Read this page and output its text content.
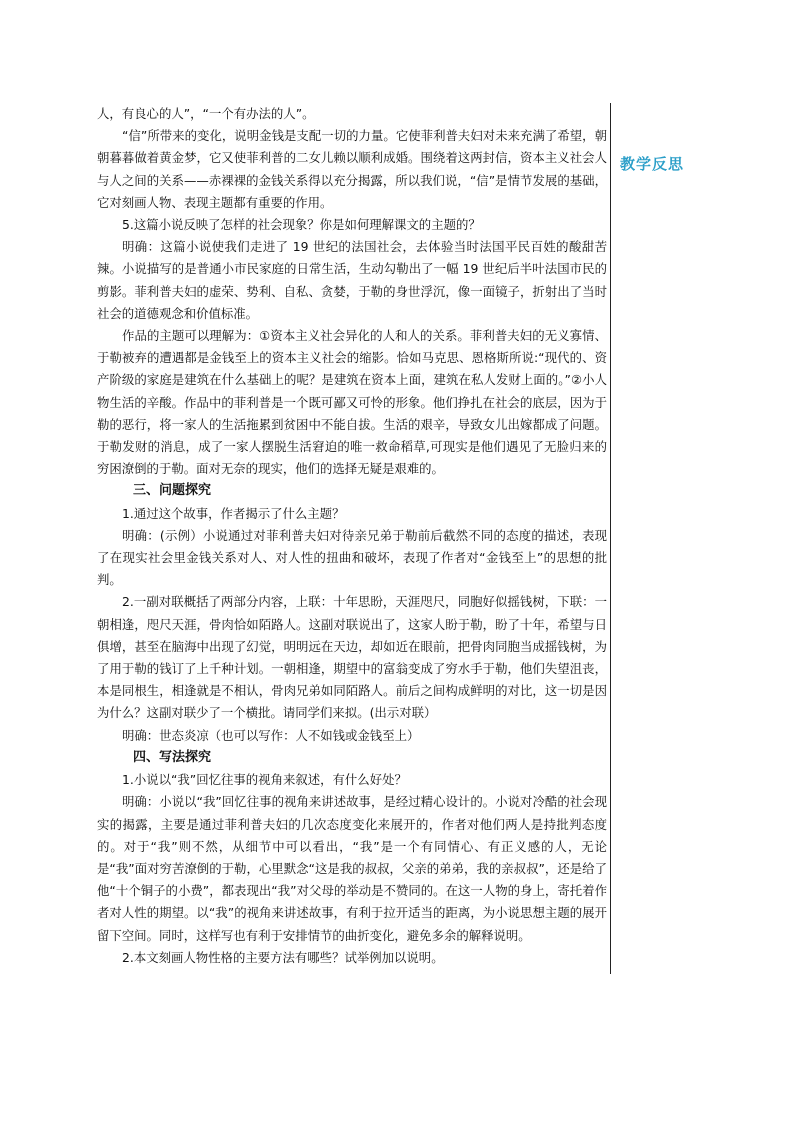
人，有良心的人”，“一个有办法的人”。

“信”所带来的变化，说明金钱是支配一切的力量。它使菲利普夫妇对未来充满了希望，朝朝暮暮做着黄金梦，它又使菲利普的二女儿赖以顺利成婚。围绕着这两封信，资本主义社会人与人之间的关系——赤裸裸的金钱关系得以充分揭露，所以我们说，“信”是情节发展的基础，它对刻画人物、表现主题都有重要的作用。

5.这篇小说反映了怎样的社会现象？你是如何理解课文的主题的？

明确：这篇小说使我们走进了 19 世纪的法国社会，去体验当时法国平民百姓的酸甜苦辣。小说描写的是普通小市民家庭的日常生活，生动勾勒出了一幅 19 世纪后半叶法国市民的剪影。菲利普夫妇的虚荣、势利、自私、贪婪，于勒的身世浮沉，像一面镜子，折射出了当时社会的道德观念和价值标准。

作品的主题可以理解为：①资本主义社会异化的人和人的关系。菲利普夫妇的无义寡情、于勒被弃的遭遇都是金钱至上的资本主义社会的缩影。恰如马克思、恩格斯所说:“现代的、资产阶级的家庭是建筑在什么基础上的呢？是建筑在资本上面，建筑在私人发财上面的。”②小人物生活的辛酸。作品中的菲利普是一个既可鄙又可怜的形象。他们挣扎在社会的底层，因为于勒的恶行，将一家人的生活拖累到贫困中不能自拔。生活的艰辛，导致女儿出嫁都成了问题。于勒发财的消息，成了一家人摆脱生活窘迫的唯一救命稻草,可现实是他们遇见了无脸归来的穷困潦倒的于勒。面对无奈的现实，他们的选择无疑是艰难的。

三、问题探究

1.通过这个故事，作者揭示了什么主题？

明确：(示例）小说通过对菲利普夫妇对待亲兄弟于勒前后截然不同的态度的描述，表现了在现实社会里金钱关系对人、对人性的扭曲和破坏，表现了作者对“金钱至上”的思想的批判。

2.一副对联概括了两部分内容，上联：十年思盼，天涯咫尺，同胞好似摇钱树，下联：一朝相逢，咫尺天涯，骨肉恰如陌路人。这副对联说出了，这家人盼于勒，盼了十年，希望与日俱增，甚至在脑海中出现了幻觉，明明远在天边，却如近在眼前，把骨肉同胞当成摇钱树，为了用于勒的钱订了上千种计划。一朝相逢，期望中的富翁变成了穷水手于勒，他们失望沮丧，本是同根生，相逢就是不相认，骨肉兄弟如同陌路人。前后之间构成鲜明的对比，这一切是因为什么？这副对联少了一个横批。请同学们来拟。(出示对联）

明确：世态炎凉（也可以写作：人不如钱或金钱至上）

四、写法探究

1.小说以“我”回忆往事的视角来叙述，有什么好处？

明确：小说以“我”回忆往事的视角来讲述故事，是经过精心设计的。小说对冷酷的社会现实的揭露，主要是通过菲利普夫妇的几次态度变化来展开的，作者对他们两人是持批判态度的。对于“我”则不然，从细节中可以看出，“我”是一个有同情心、有正义感的人，无论是“我”面对穷苦潦倒的于勒，心里默念“这是我的叔叔，父亲的弟弟，我的亲叔叔”，还是给了他“十个铜子的小费”，都表现出“我”对父母的举动是不赞同的。在这一人物的身上，寄托着作者对人性的期望。以“我”的视角来讲述故事，有利于拉开适当的距离，为小说思想主题的展开留下空间。同时，这样写也有利于安排情节的曲折变化，避免多余的解释说明。

2.本文刻画人物性格的主要方法有哪些？试举例加以说明。

教学反思
